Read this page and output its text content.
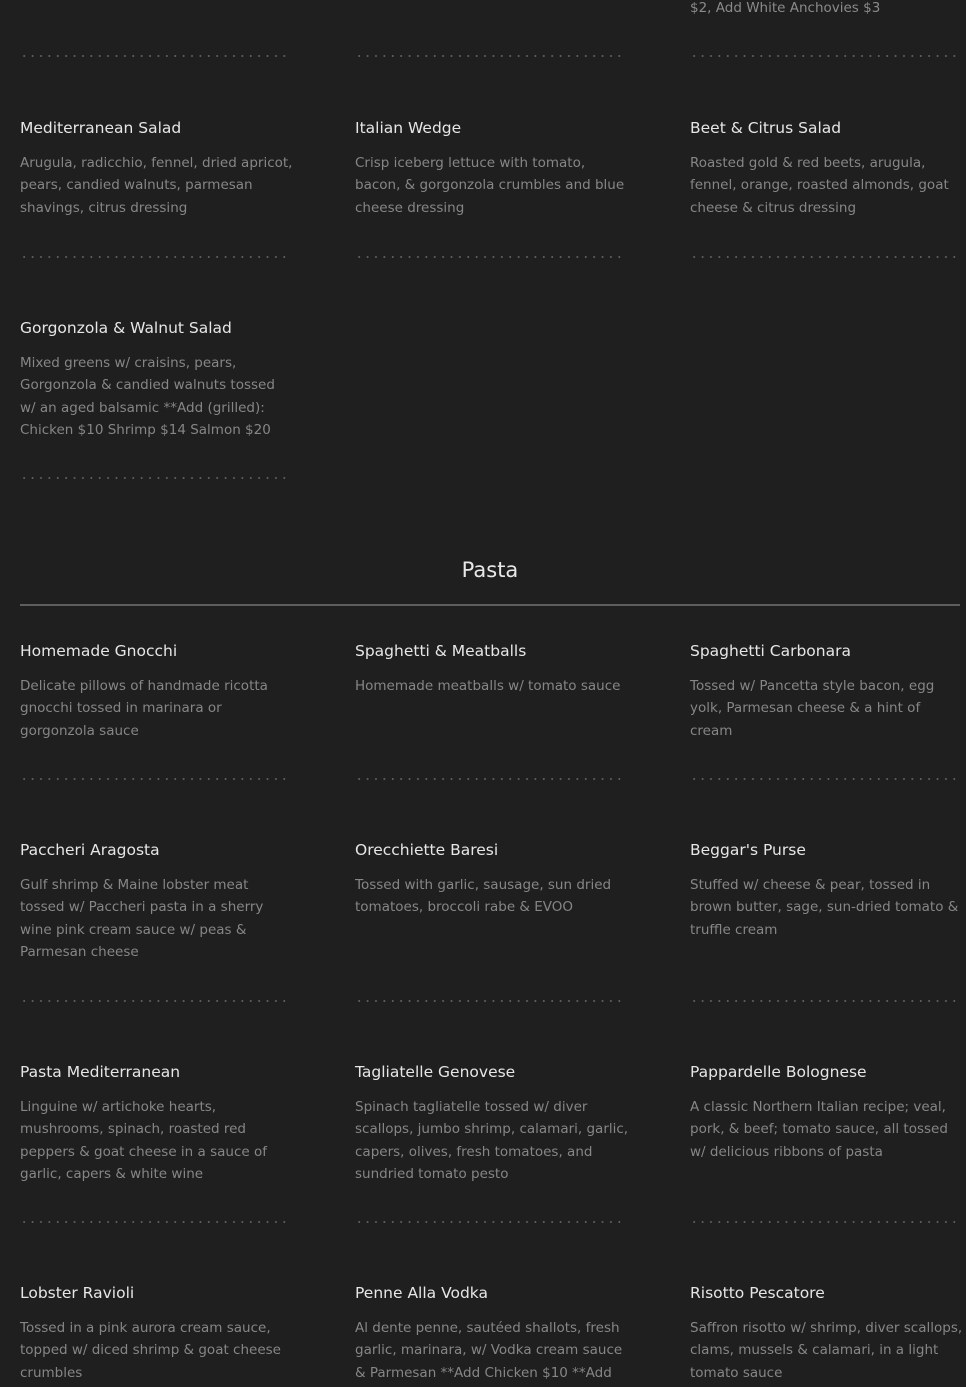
$2, Add White Anchovies $3
Mediterranean Salad
Arugula, radicchio, fennel, dried apricot, pears, candied walnuts, parmesan shavings, citrus dressing
Italian Wedge
Crisp iceberg lettuce with tomato, bacon, & gorgonzola crumbles and blue cheese dressing
Beet & Citrus Salad
Roasted gold & red beets, arugula, fennel, orange, roasted almonds, goat cheese & citrus dressing
Gorgonzola & Walnut Salad
Mixed greens w/ craisins, pears, Gorgonzola & candied walnuts tossed w/ an aged balsamic **Add (grilled): Chicken $10 Shrimp $14 Salmon $20
Pasta
Homemade Gnocchi
Delicate pillows of handmade ricotta gnocchi tossed in marinara or gorgonzola sauce
Spaghetti & Meatballs
Homemade meatballs w/ tomato sauce
Spaghetti Carbonara
Tossed w/ Pancetta style bacon, egg yolk, Parmesan cheese & a hint of cream
Paccheri Aragosta
Gulf shrimp & Maine lobster meat tossed w/ Paccheri pasta in a sherry wine pink cream sauce w/ peas & Parmesan cheese
Orecchiette Baresi
Tossed with garlic, sausage, sun dried tomatoes, broccoli rabe & EVOO
Beggar's Purse
Stuffed w/ cheese & pear, tossed in brown butter, sage, sun-dried tomato & truffle cream
Pasta Mediterranean
Linguine w/ artichoke hearts, mushrooms, spinach, roasted red peppers & goat cheese in a sauce of garlic, capers & white wine
Tagliatelle Genovese
Spinach tagliatelle tossed w/ diver scallops, jumbo shrimp, calamari, garlic, capers, olives, fresh tomatoes, and sundried tomato pesto
Pappardelle Bolognese
A classic Northern Italian recipe; veal, pork, & beef; tomato sauce, all tossed w/ delicious ribbons of pasta
Lobster Ravioli
Tossed in a pink aurora cream sauce, topped w/ diced shrimp & goat cheese crumbles
Penne Alla Vodka
Al dente penne, sautéed shallots, fresh garlic, marinara, w/ Vodka cream sauce & Parmesan **Add Chicken $10 **Add
Risotto Pescatore
Saffron risotto w/ shrimp, diver scallops, clams, mussels & calamari, in a light tomato sauce
